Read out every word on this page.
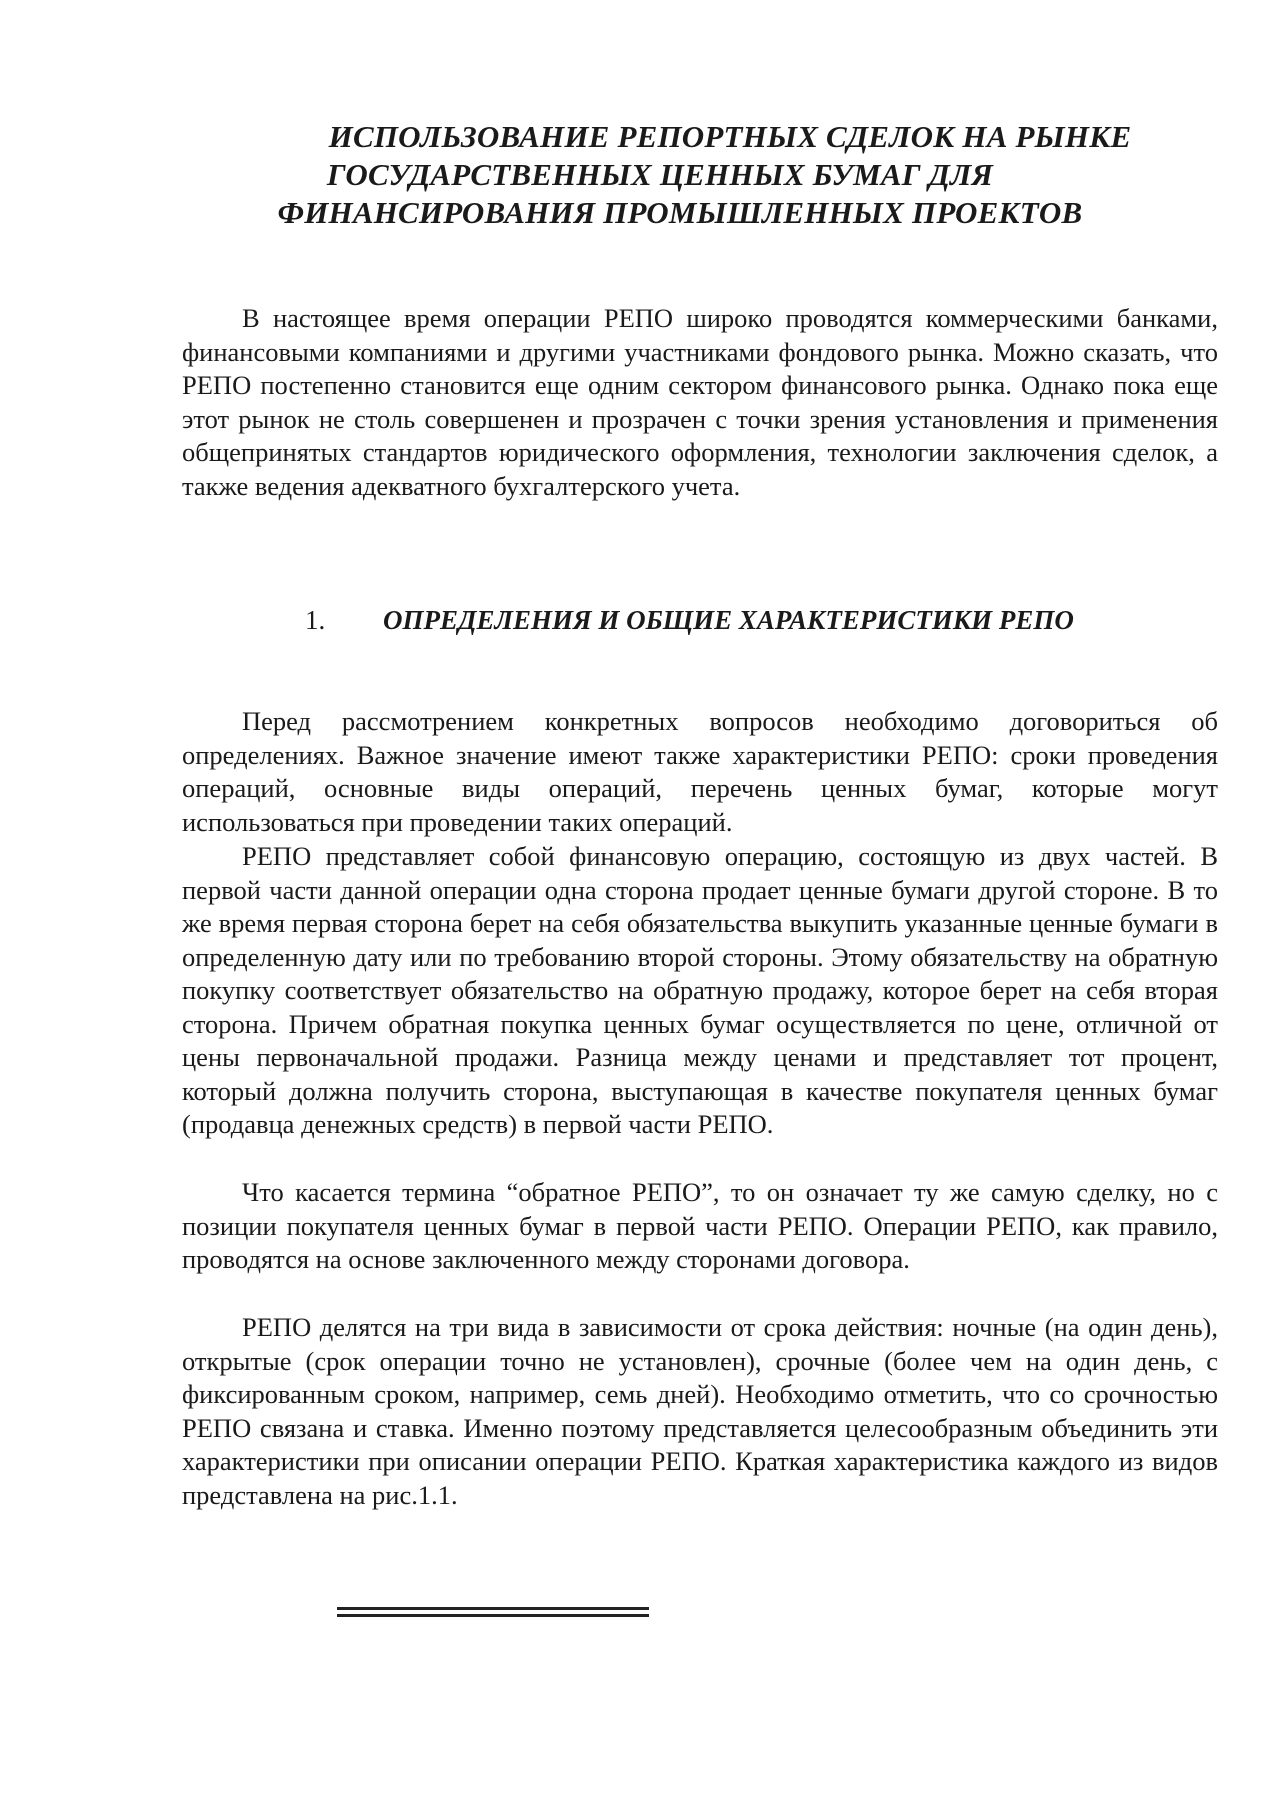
ИСПОЛЬЗОВАНИЕ РЕПОРТНЫХ СДЕЛОК НА РЫНКЕ
ГОСУДАРСТВЕННЫХ ЦЕННЫХ БУМАГ ДЛЯ
ФИНАНСИРОВАНИЯ ПРОМЫШЛЕННЫХ ПРОЕКТОВ

В настоящее время операции РЕПО широко проводятся коммерческими банками, финансовыми компаниями и другими участниками фондового рынка. Можно сказать, что РЕПО постепенно становится еще одним сектором финансового рынка. Однако пока еще этот рынок не столь совершенен и прозрачен с точки зрения установления и применения общепринятых стандартов юридического оформления, технологии заключения сделок, а также ведения адекватного бухгалтерского учета.

1. ОПРЕДЕЛЕНИЯ И ОБЩИЕ ХАРАКТЕРИСТИКИ РЕПО

Перед рассмотрением конкретных вопросов необходимо договориться об определениях. Важное значение имеют также характеристики РЕПО: сроки проведения операций, основные виды операций, перечень ценных бумаг, которые могут использоваться при проведении таких операций.

РЕПО представляет собой финансовую операцию, состоящую из двух частей. В первой части данной операции одна сторона продает ценные бумаги другой стороне. В то же время первая сторона берет на себя обязательства выкупить указанные ценные бумаги в определенную дату или по требованию второй стороны. Этому обязательству на обратную покупку соответствует обязательство на обратную продажу, которое берет на себя вторая сторона. Причем обратная покупка ценных бумаг осуществляется по цене, отличной от цены первоначальной продажи. Разница между ценами и представляет тот процент, который должна получить сторона, выступающая в качестве покупателя ценных бумаг (продавца денежных средств) в первой части РЕПО.

Что касается термина “обратное РЕПО”, то он означает ту же самую сделку, но с позиции покупателя ценных бумаг в первой части РЕПО. Операции РЕПО, как правило, проводятся на основе заключенного между сторонами договора.

РЕПО делятся на три вида в зависимости от срока действия: ночные (на один день), открытые (срок операции точно не установлен), срочные (более чем на один день, с фиксированным сроком, например, семь дней). Необходимо отметить, что со срочностью РЕПО связана и ставка. Именно поэтому представляется целесообразным объединить эти характеристики при описании операции РЕПО. Краткая характеристика каждого из видов представлена на рис.1.1.
